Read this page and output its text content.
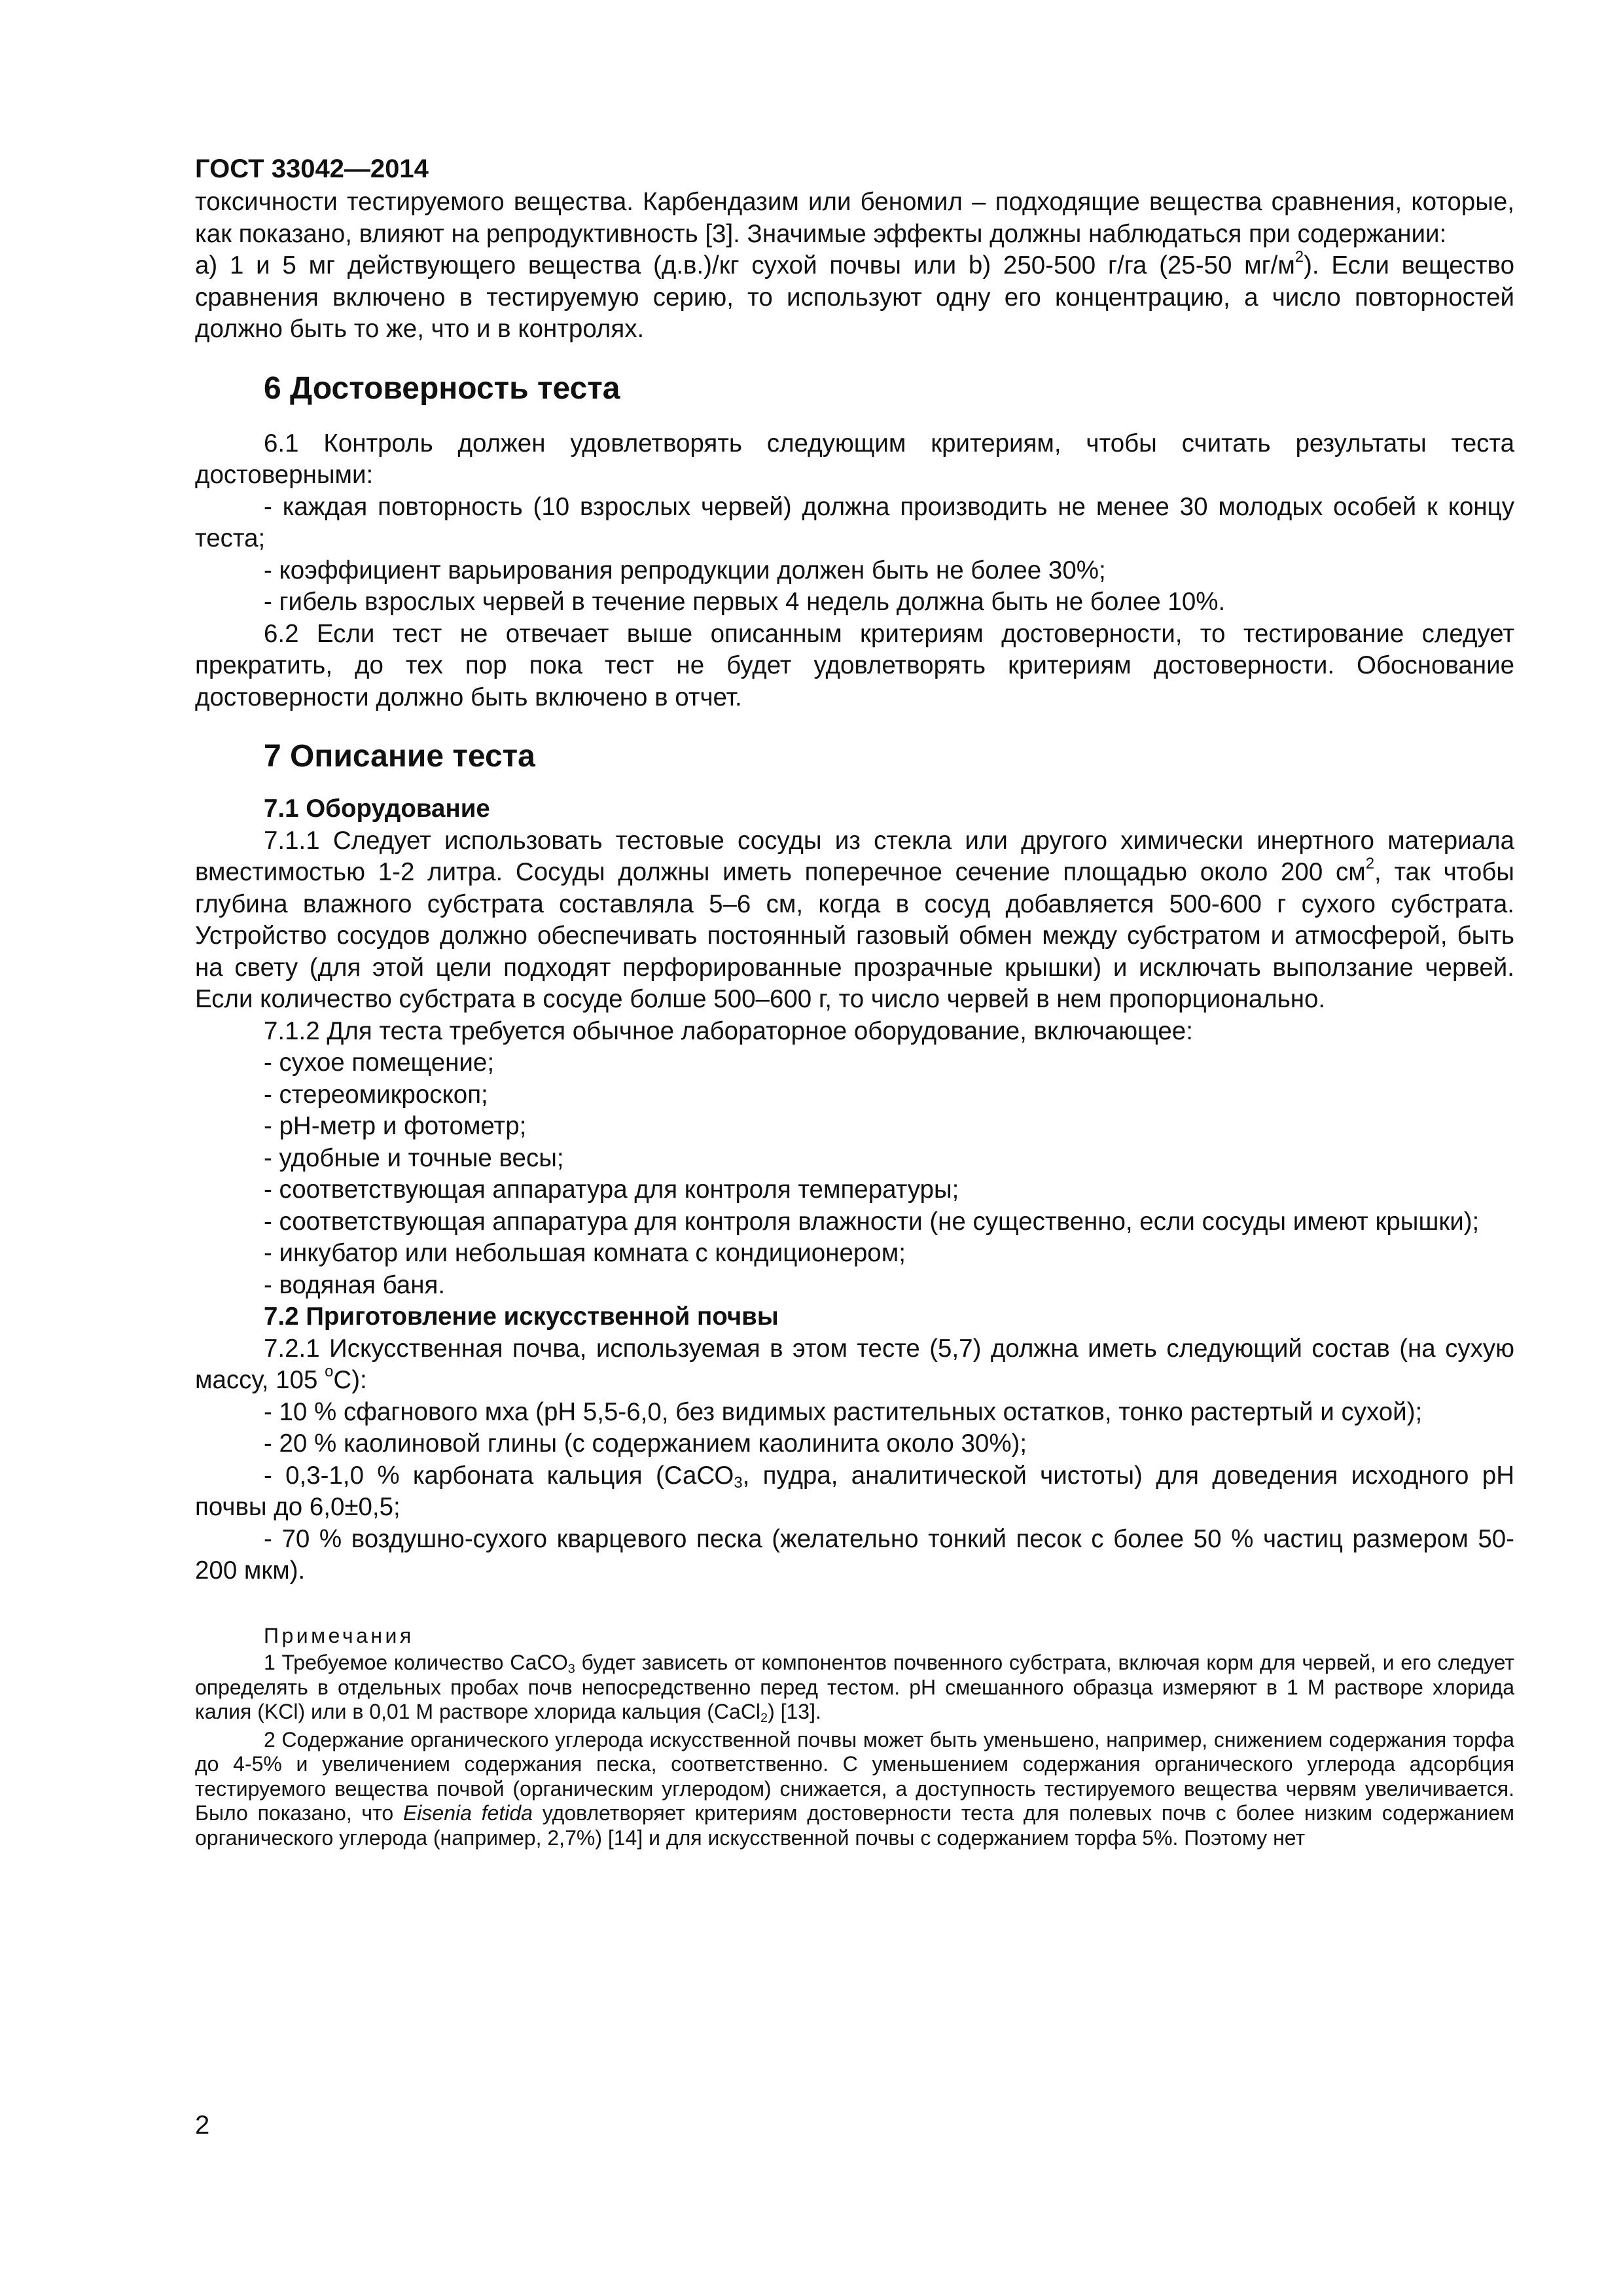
ГОСТ 33042—2014

токсичности тестируемого вещества. Карбендазим или беномил – подходящие вещества сравнения, которые, как показано, влияют на репродуктивность [3]. Значимые эффекты должны наблюдаться при содержании:

а) 1 и 5 мг действующего вещества (д.в.)/кг сухой почвы или b) 250-500 г/га (25-50 $мг/м^2$). Если вещество сравнения включено в тестируемую серию, то используют одну его концентрацию, а число повторностей должно быть то же, что и в контролях.

6 Достоверность теста

6.1 Контроль должен удовлетворять следующим критериям, чтобы считать результаты теста достоверными:

- каждая повторность (10 взрослых червей) должна производить не менее 30 молодых особей к концу теста;

- коэффициент варьирования репродукции должен быть не более 30%;

- гибель взрослых червей в течение первых 4 недель должна быть не более 10%.

6.2 Если тест не отвечает выше описанным критериям достоверности, то тестирование следует прекратить, до тех пор пока тест не будет удовлетворять критериям достоверности. Обоснование достоверности должно быть включено в отчет.

7 Описание теста
7.1 Оборудование

7.1.1 Следует использовать тестовые сосуды из стекла или другого химически инертного материала вместимостью 1-2 литра. Сосуды должны иметь поперечное сечение площадью около 200 $см^2$, так чтобы глубина влажного субстрата составляла 5–6 см, когда в сосуд добавляется 500-600 г сухого субстрата. Устройство сосудов должно обеспечивать постоянный газовый обмен между субстратом и атмосферой, быть на свету (для этой цели подходят перфорированные прозрачные крышки) и исключать выползание червей. Если количество субстрата в сосуде болше 500–600 г, то число червей в нем пропорционально.

7.1.2 Для теста требуется обычное лабораторное оборудование, включающее:

- сухое помещение;

- стереомикроскоп;

- рН-метр и фотометр;

- удобные и точные весы;

- соответствующая аппаратура для контроля температуры;

- соответствующая аппаратура для контроля влажности (не существенно, если сосуды имеют крышки);

- инкубатор или небольшая комната с кондиционером;

- водяная баня.

7.2 Приготовление искусственной почвы

7.2.1 Искусственная почва, используемая в этом тесте (5,7) должна иметь следующий состав (на сухую массу, 105 $^о$С):

- 10 % сфагнового мха (рН 5,5-6,0, без видимых растительных остатков, тонко растертый и сухой);

- 20 % каолиновой глины (с содержанием каолинита около 30%);

- 0,3-1,0 % карбоната кальция (СаСО$_3$, пудра, аналитической чистоты) для доведения исходного рН почвы до 6,0±0,5;

- 70 % воздушно-сухого кварцевого песка (желательно тонкий песок с более 50 % частиц размером 50-200 мкм).

Примечания

1 Требуемое количество СаСО$_3$ будет зависеть от компонентов почвенного субстрата, включая корм для червей, и его следует определять в отдельных пробах почв непосредственно перед тестом. рН смешанного образца измеряют в 1 М растворе хлорида калия (KCl) или в 0,01 М растворе хлорида кальция (CaCl$_2$) [13].

2 Содержание органического углерода искусственной почвы может быть уменьшено, например, снижением содержания торфа до 4-5% и увеличением содержания песка, соответственно. С уменьшением содержания органического углерода адсорбция тестируемого вещества почвой (органическим углеродом) снижается, а доступность тестируемого вещества червям увеличивается. Было показано, что Eisenia fetida удовлетворяет критериям достоверности теста для полевых почв с более низким содержанием органического углерода (например, 2,7%) [14] и для искусственной почвы с содержанием торфа 5%. Поэтому нет

2
